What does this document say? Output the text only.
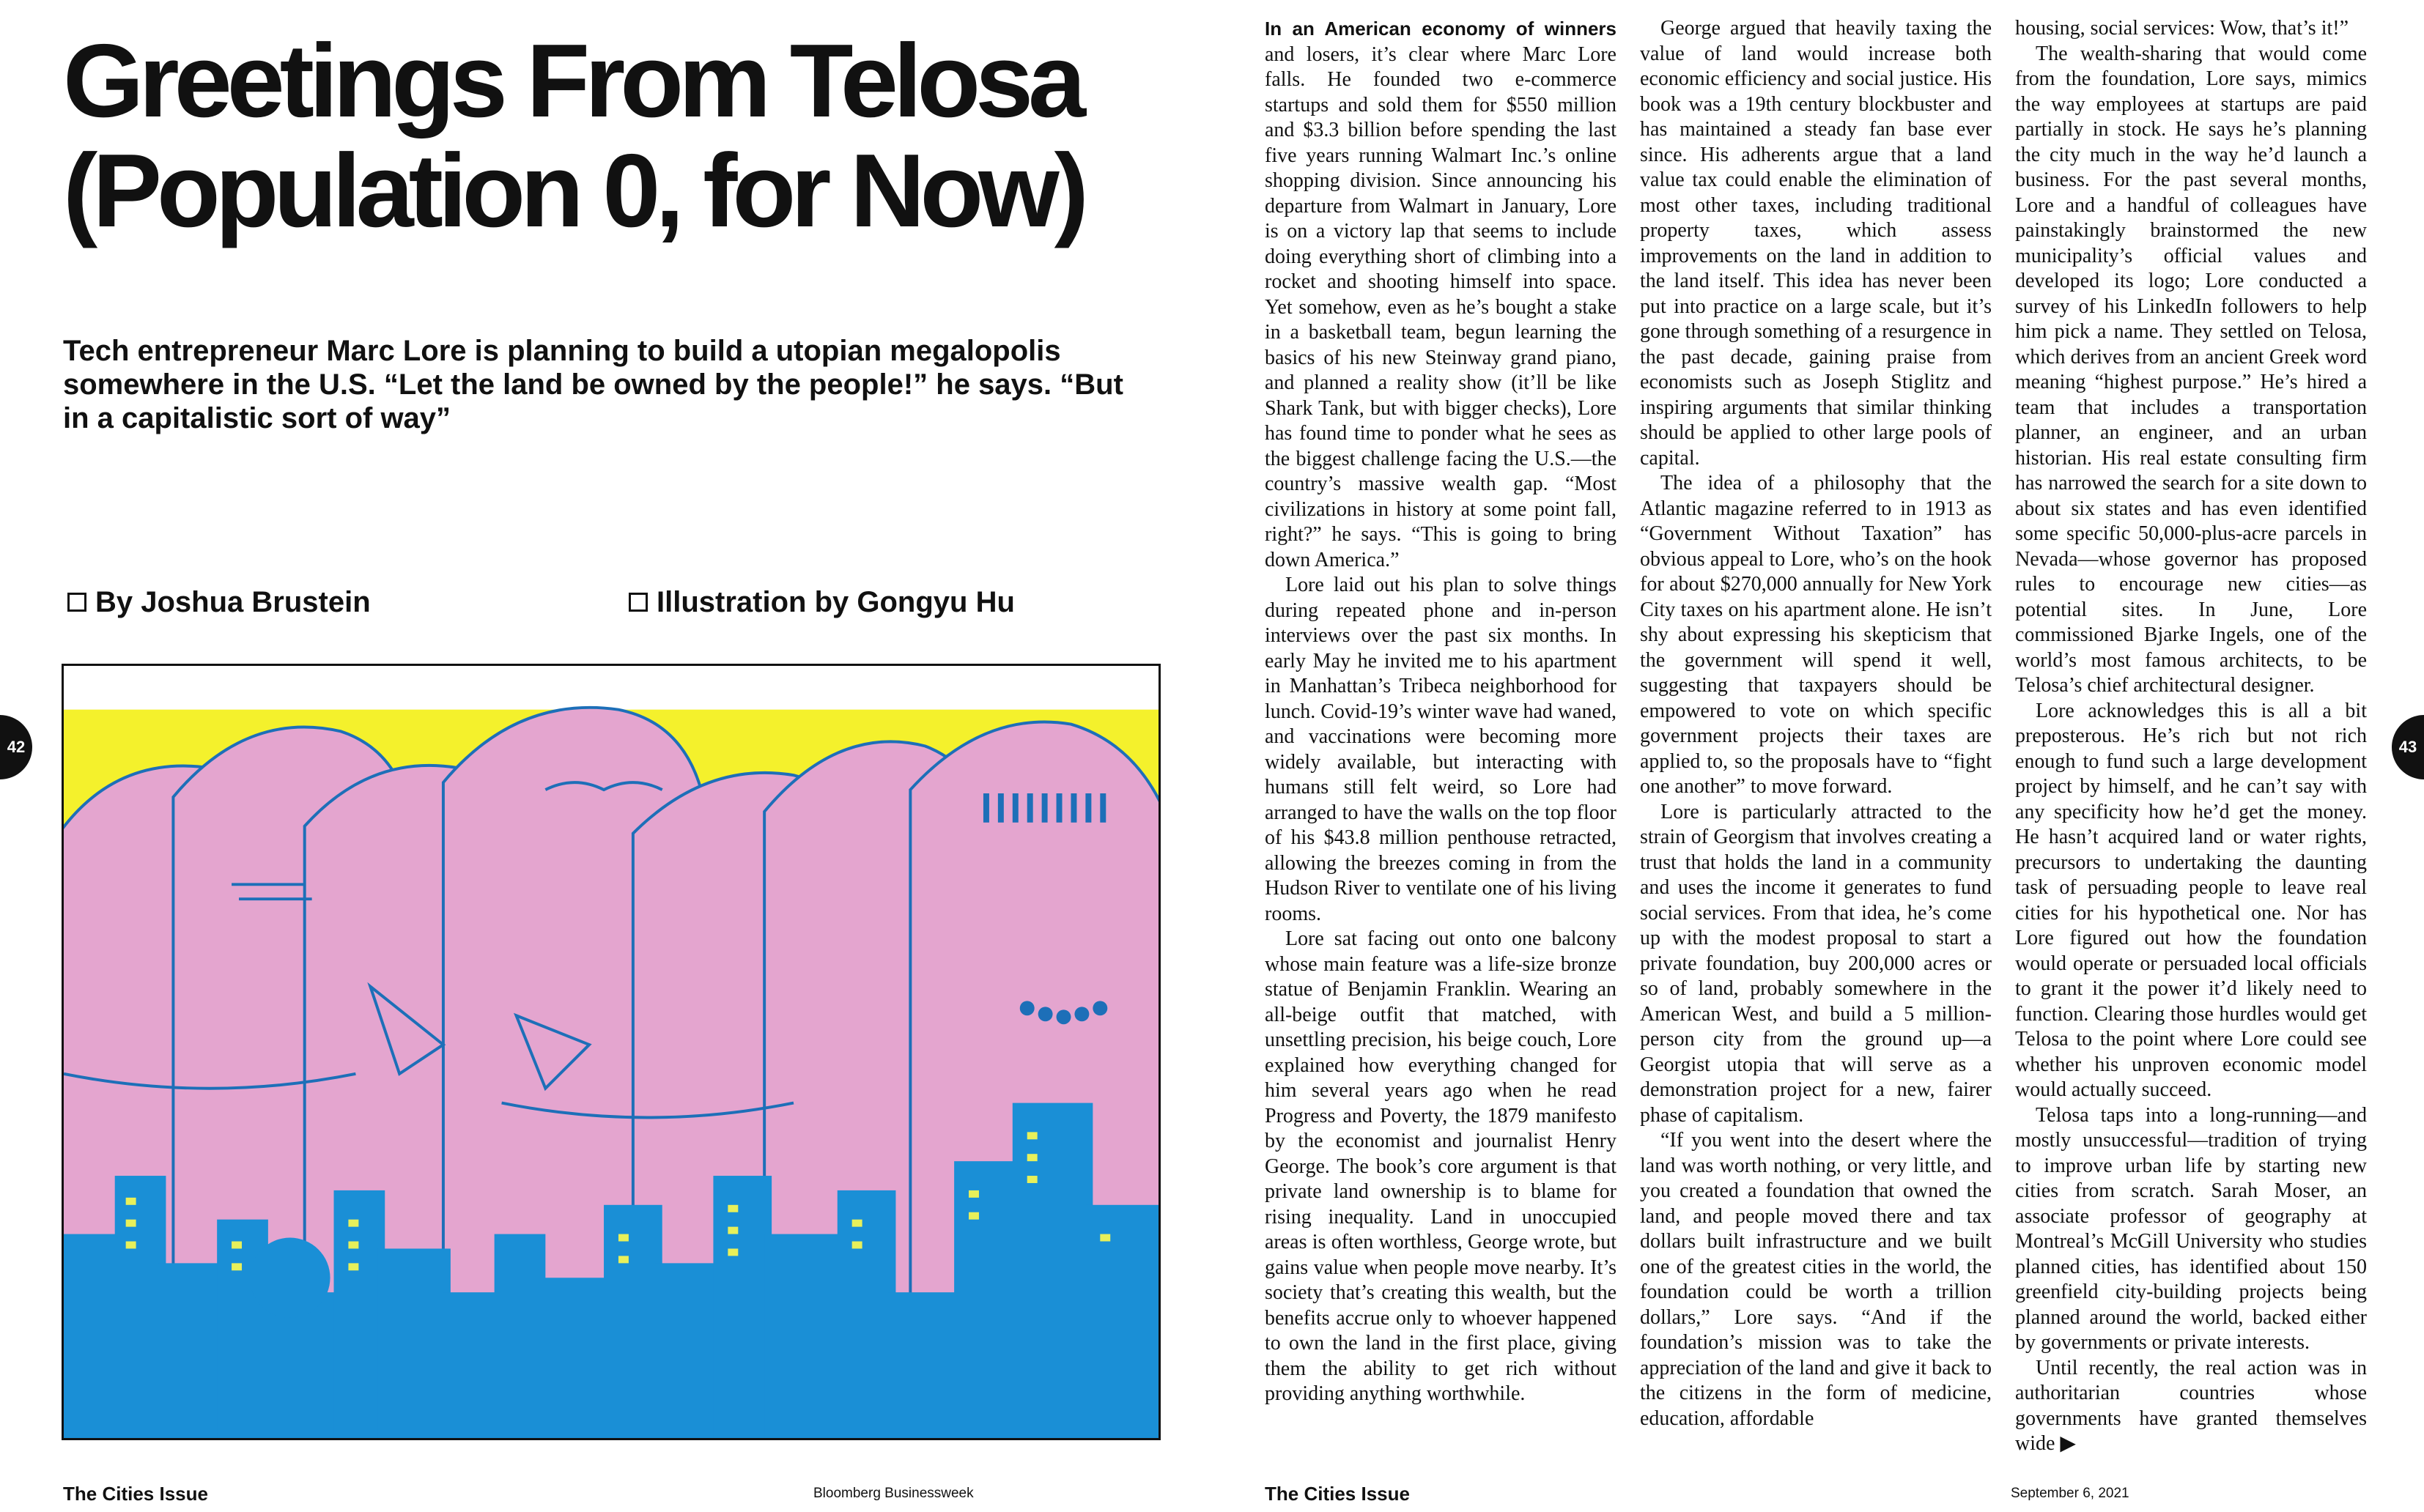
Greetings From Telosa
(Population 0, for Now)

Tech entrepreneur Marc Lore is planning to build a utopian megalopolis somewhere in the U.S. “Let the land be owned by the people!” he says. “But in a capitalistic sort of way”

By Joshua Brustein	Illustration by Gongyu Hu
42
The Cities Issue	Bloomberg Businessweek

In an American economy of winners and losers, it’s clear where Marc Lore falls. He founded two e-commerce startups and sold them for $550 million and $3.3 billion before spending the last five years running Walmart Inc.’s online shopping division. Since announcing his departure from Walmart in January, Lore is on a victory lap that seems to include doing everything short of climbing into a rocket and shooting himself into space. Yet somehow, even as he’s bought a stake in a basketball team, begun learning the basics of his new Steinway grand piano, and planned a reality show (it’ll be like Shark Tank, but with bigger checks), Lore has found time to ponder what he sees as the biggest challenge facing the U.S.—the country’s massive wealth gap. “Most civilizations in history at some point fall, right?” he says. “This is going to bring down America.”

Lore laid out his plan to solve things during repeated phone and in-person interviews over the past six months. In early May he invited me to his apartment in Manhattan’s Tribeca neighborhood for lunch. Covid-19’s winter wave had waned, and vaccinations were becoming more widely available, but interacting with humans still felt weird, so Lore had arranged to have the walls on the top floor of his $43.8 million penthouse retracted, allowing the breezes coming in from the Hudson River to ventilate one of his living rooms.

Lore sat facing out onto one balcony whose main feature was a life-size bronze statue of Benjamin Franklin. Wearing an all-beige outfit that matched, with unsettling precision, his beige couch, Lore explained how everything changed for him several years ago when he read Progress and Poverty, the 1879 manifesto by the economist and journalist Henry George. The book’s core argument is that private land ownership is to blame for rising inequality. Land in unoccupied areas is often worthless, George wrote, but gains value when people move nearby. It’s society that’s creating this wealth, but the benefits accrue only to whoever happened to own the land in the first place, giving them the ability to get rich without providing anything worthwhile.

George argued that heavily taxing the value of land would increase both economic efficiency and social justice. His book was a 19th century blockbuster and has maintained a steady fan base ever since. His adherents argue that a land value tax could enable the elimination of most other taxes, including traditional property taxes, which assess improvements on the land in addition to the land itself. This idea has never been put into practice on a large scale, but it’s gone through something of a resurgence in the past decade, gaining praise from economists such as Joseph Stiglitz and inspiring arguments that similar thinking should be applied to other large pools of capital.

The idea of a philosophy that the Atlantic magazine referred to in 1913 as “Government Without Taxation” has obvious appeal to Lore, who’s on the hook for about $270,000 annually for New York City taxes on his apartment alone. He isn’t shy about expressing his skepticism that the government will spend it well, suggesting that taxpayers should be empowered to vote on which specific government projects their taxes are applied to, so the proposals have to “fight one another” to move forward.

Lore is particularly attracted to the strain of Georgism that involves creating a trust that holds the land in a community and uses the income it generates to fund social services. From that idea, he’s come up with the modest proposal to start a private foundation, buy 200,000 acres or so of land, probably somewhere in the American West, and build a 5 million-person city from the ground up—a Georgist utopia that will serve as a demonstration project for a new, fairer phase of capitalism.

“If you went into the desert where the land was worth nothing, or very little, and you created a foundation that owned the land, and people moved there and tax dollars built infrastructure and we built one of the greatest cities in the world, the foundation could be worth a trillion dollars,” Lore says. “And if the foundation’s mission was to take the appreciation of the land and give it back to the citizens in the form of medicine, education, affordable

housing, social services: Wow, that’s it!”

The wealth-sharing that would come from the foundation, Lore says, mimics the way employees at startups are paid partially in stock. He says he’s planning the city much in the way he’d launch a business. For the past several months, Lore and a handful of colleagues have painstakingly brainstormed the new municipality’s official values and developed its logo; Lore conducted a survey of his LinkedIn followers to help him pick a name. They settled on Telosa, which derives from an ancient Greek word meaning “highest purpose.” He’s hired a team that includes a transportation planner, an engineer, and an urban historian. His real estate consulting firm has narrowed the search for a site down to about six states and has even identified some specific 50,000-plus-acre parcels in Nevada—whose governor has proposed rules to encourage new cities—as potential sites. In June, Lore commissioned Bjarke Ingels, one of the world’s most famous architects, to be Telosa’s chief architectural designer.

Lore acknowledges this is all a bit preposterous. He’s rich but not rich enough to fund such a large development project by himself, and he can’t say with any specificity how he’d get the money. He hasn’t acquired land or water rights, precursors to undertaking the daunting task of persuading people to leave real cities for his hypothetical one. Nor has Lore figured out how the foundation would operate or persuaded local officials to grant it the power it’d likely need to function. Clearing those hurdles would get Telosa to the point where Lore could see whether his unproven economic model would actually succeed.

Telosa taps into a long-running—and mostly unsuccessful—tradition of trying to improve urban life by starting new cities from scratch. Sarah Moser, an associate professor of geography at Montreal’s McGill University who studies planned cities, has identified about 150 greenfield city-building projects being planned around the world, backed either by governments or private interests.

Until recently, the real action was in authoritarian countries whose governments have granted themselves wide ▶

43
The Cities Issue	September 6, 2021
